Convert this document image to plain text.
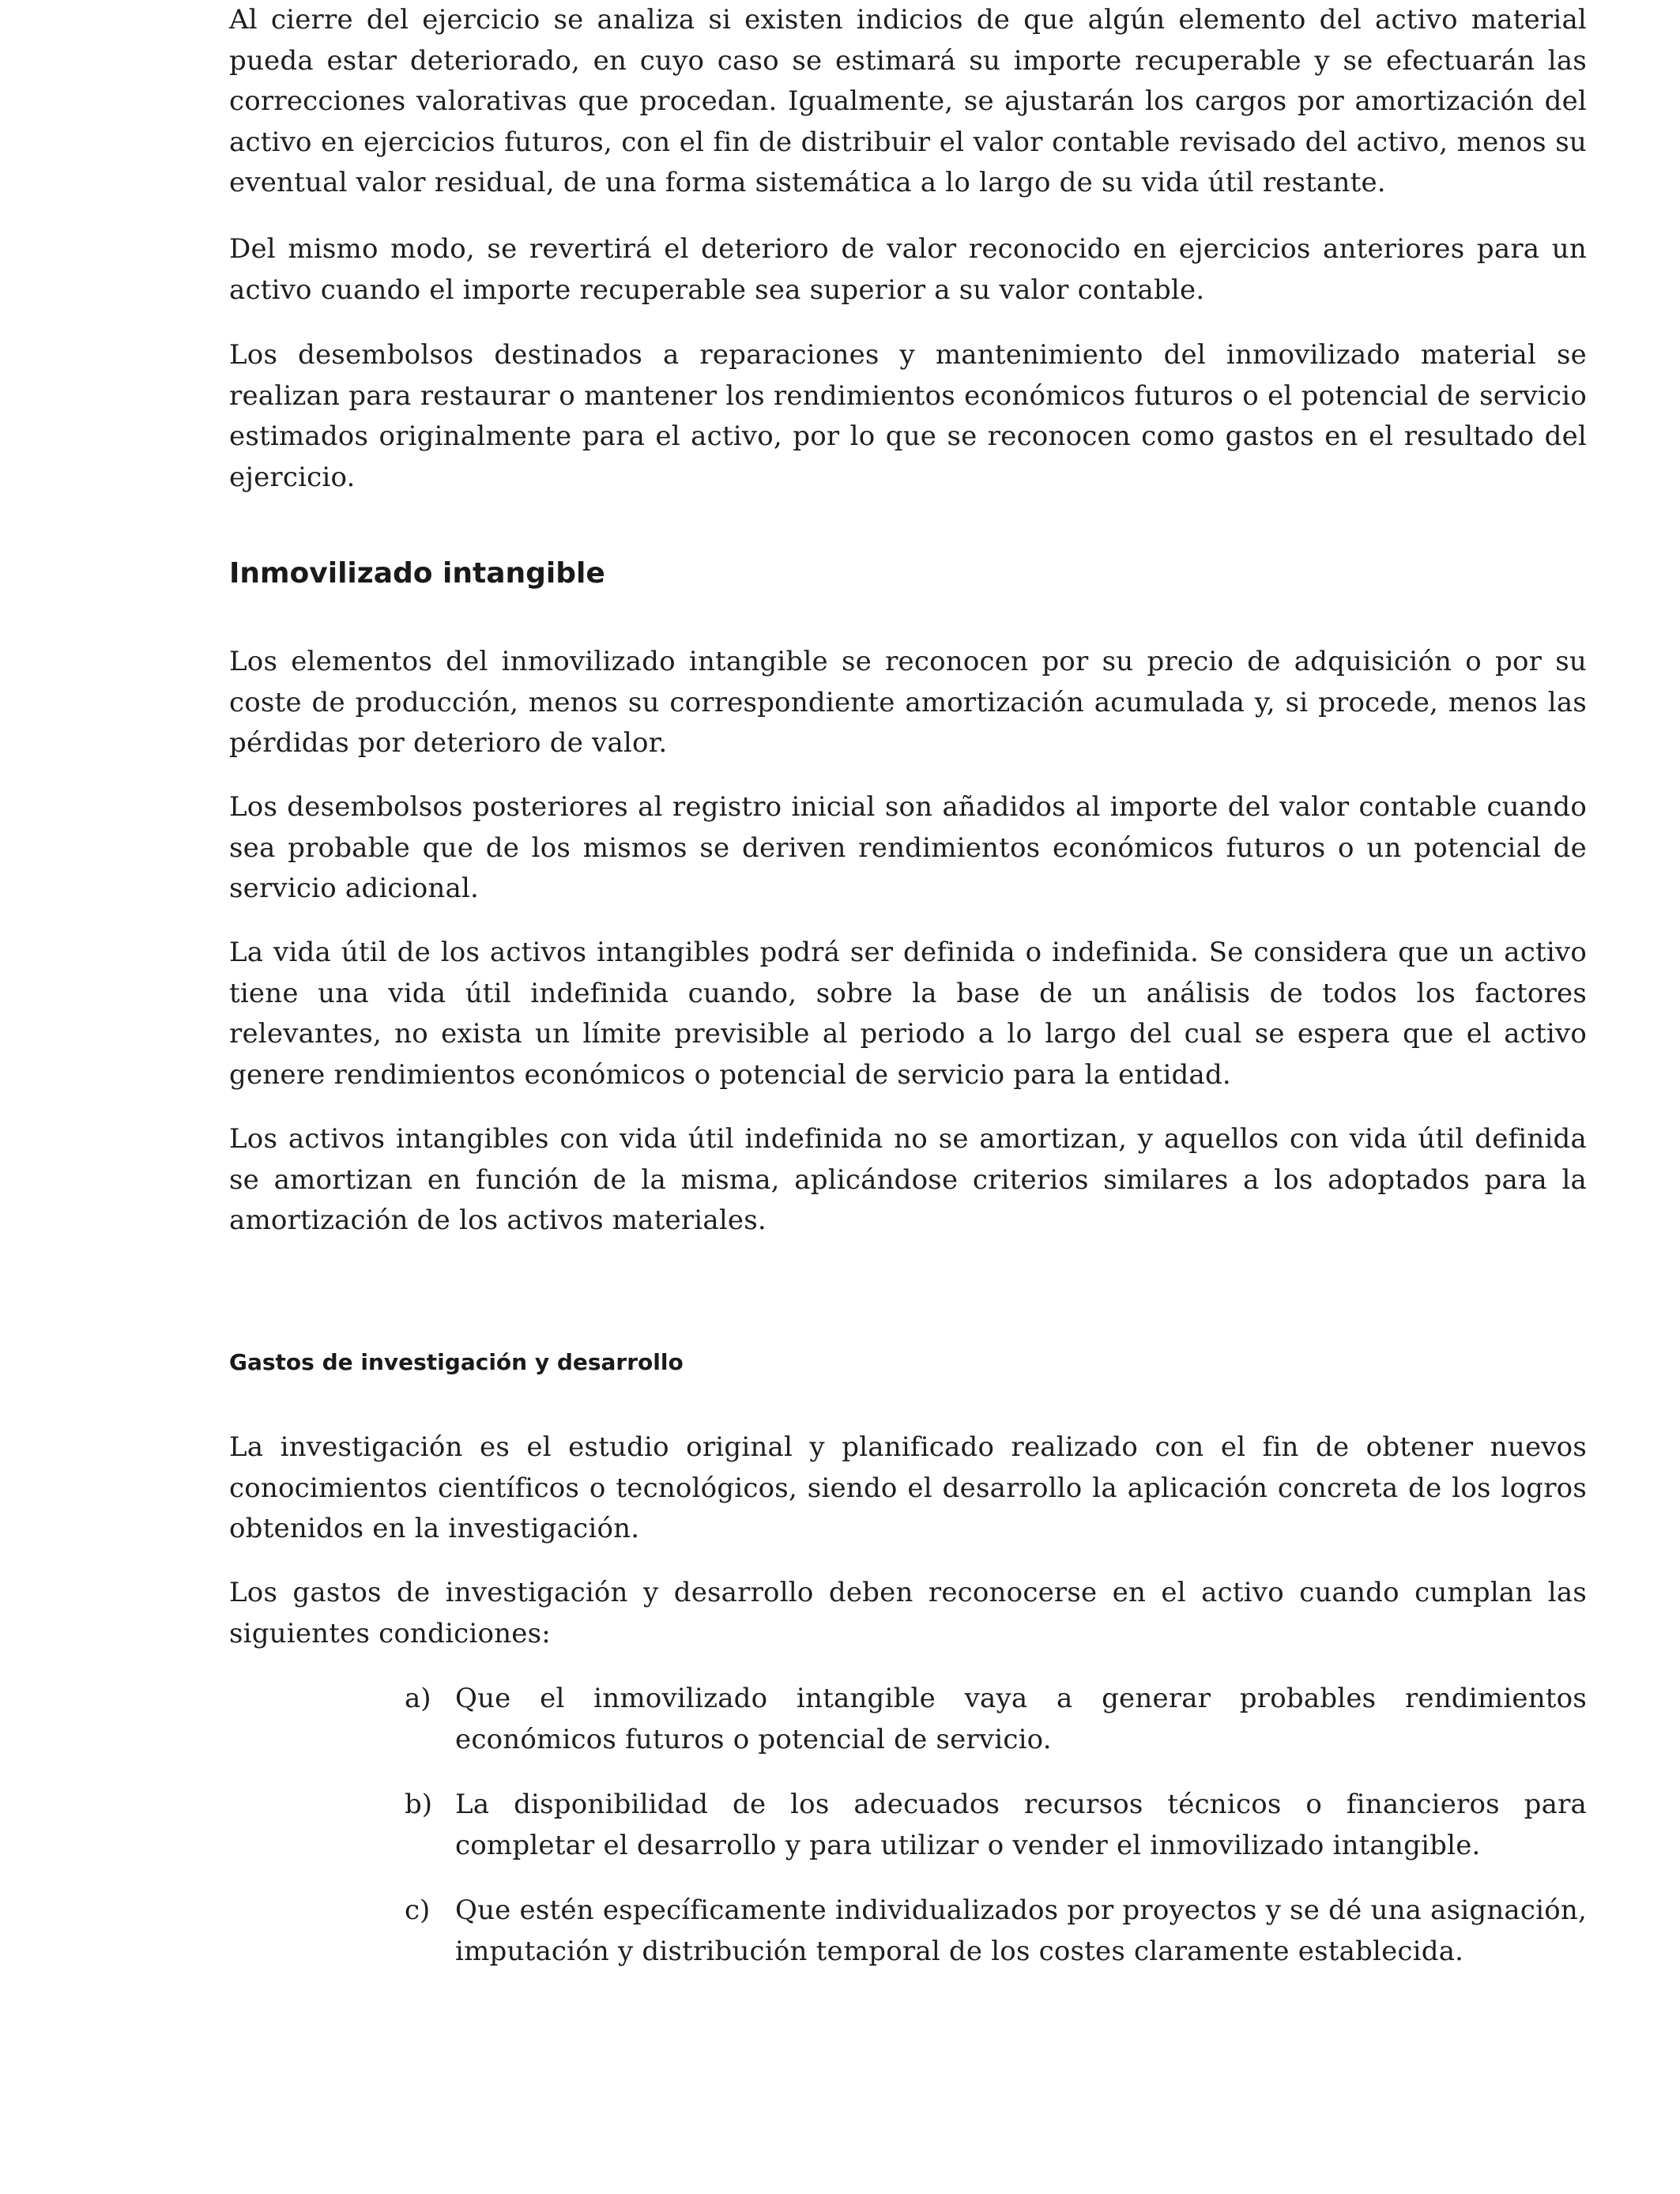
Al cierre del ejercicio se analiza si existen indicios de que algún elemento del activo material pueda estar deteriorado, en cuyo caso se estimará su importe recuperable y se efectuarán las correcciones valorativas que procedan. Igualmente, se ajustarán los cargos por amortización del activo en ejercicios futuros, con el fin de distribuir el valor contable revisado del activo, menos su eventual valor residual, de una forma sistemática a lo largo de su vida útil restante.

Del mismo modo, se revertirá el deterioro de valor reconocido en ejercicios anteriores para un activo cuando el importe recuperable sea superior a su valor contable.

Los desembolsos destinados a reparaciones y mantenimiento del inmovilizado material se realizan para restaurar o mantener los rendimientos económicos futuros o el potencial de servicio estimados originalmente para el activo, por lo que se reconocen como gastos en el resultado del ejercicio.

Inmovilizado intangible

Los elementos del inmovilizado intangible se reconocen por su precio de adquisición o por su coste de producción, menos su correspondiente amortización acumulada y, si procede, menos las pérdidas por deterioro de valor.

Los desembolsos posteriores al registro inicial son añadidos al importe del valor contable cuando sea probable que de los mismos se deriven rendimientos económicos futuros o un potencial de servicio adicional.

La vida útil de los activos intangibles podrá ser definida o indefinida. Se considera que un activo tiene una vida útil indefinida cuando, sobre la base de un análisis de todos los factores relevantes, no exista un límite previsible al periodo a lo largo del cual se espera que el activo genere rendimientos económicos o potencial de servicio para la entidad.

Los activos intangibles con vida útil indefinida no se amortizan, y aquellos con vida útil definida se amortizan en función de la misma, aplicándose criterios similares a los adoptados para la amortización de los activos materiales.

Gastos de investigación y desarrollo

La investigación es el estudio original y planificado realizado con el fin de obtener nuevos conocimientos científicos o tecnológicos, siendo el desarrollo la aplicación concreta de los logros obtenidos en la investigación.

Los gastos de investigación y desarrollo deben reconocerse en el activo cuando cumplan las siguientes condiciones:

a) Que el inmovilizado intangible vaya a generar probables rendimientos económicos futuros o potencial de servicio.

b) La disponibilidad de los adecuados recursos técnicos o financieros para completar el desarrollo y para utilizar o vender el inmovilizado intangible.

c) Que estén específicamente individualizados por proyectos y se dé una asignación, imputación y distribución temporal de los costes claramente establecida.
